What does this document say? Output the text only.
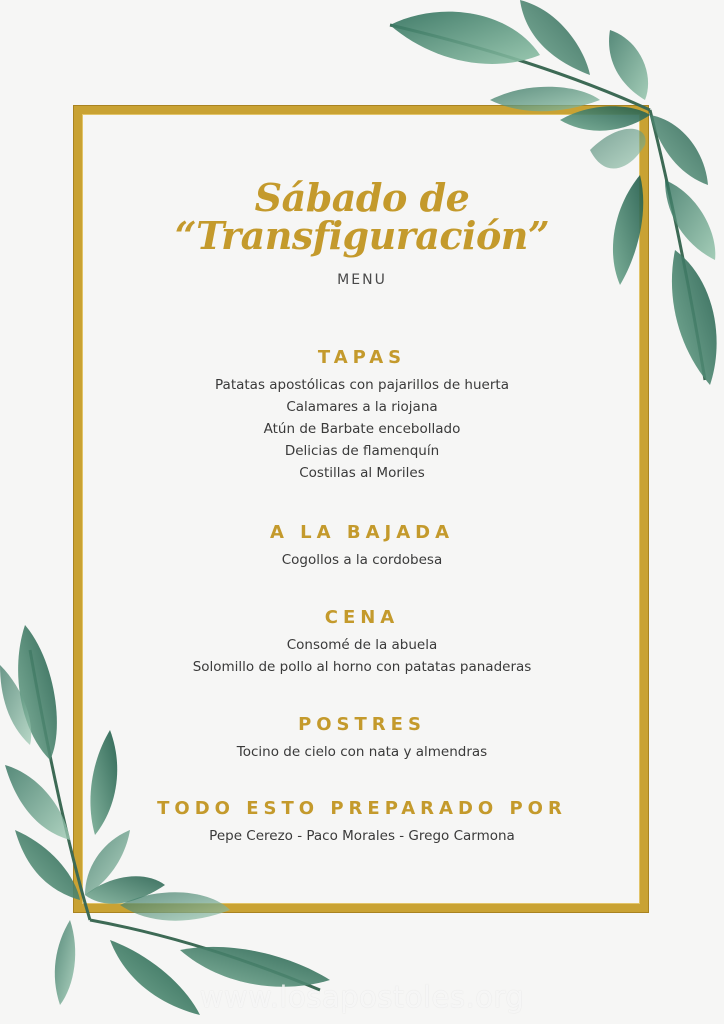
Sábado de
“Transfiguración”
MENU
TAPAS
Patatas apostólicas con pajarillos de huerta
Calamares a la riojana
Atún de Barbate encebollado
Delicias de flamenquín
Costillas al Moriles
A LA BAJADA
Cogollos a la cordobesa
CENA
Consomé de la abuela
Solomillo de pollo al horno con patatas panaderas
POSTRES
Tocino de cielo con nata y almendras
TODO ESTO PREPARADO POR
Pepe Cerezo - Paco Morales - Grego Carmona
www.losapostoles.org
